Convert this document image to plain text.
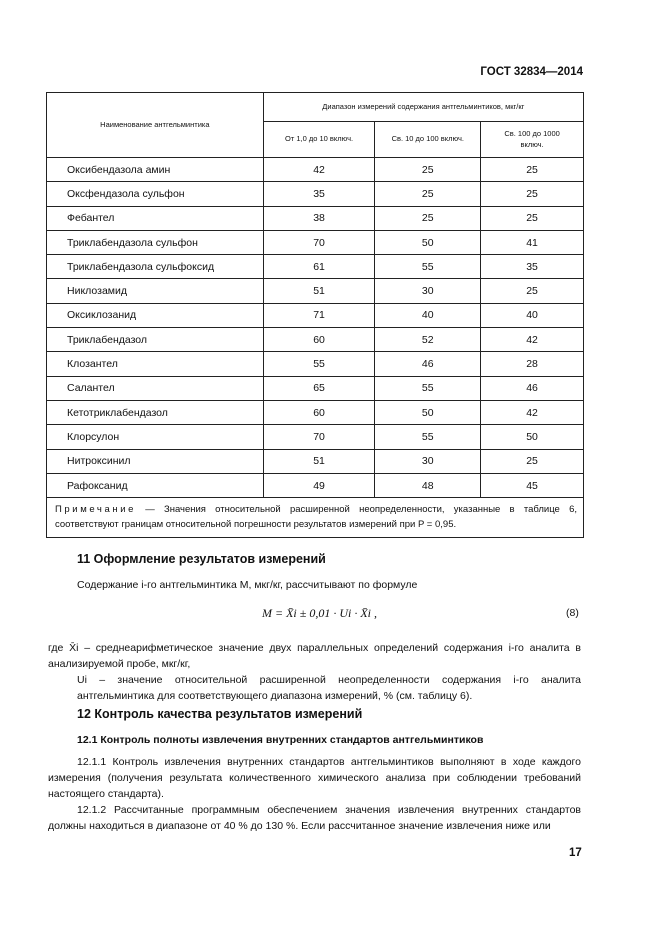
ГОСТ 32834—2014
Наименование антгельминтика	Диапазон измерений содержания антгельминтиков, мкг/кг		
	От 1,0 до 10 включ.	Св. 10 до 100 включ.	Св. 100 до 1000 включ.
Оксибендазола амин	42	25	25
Оксфендазола сульфон	35	25	25
Фебантел	38	25	25
Триклабендазола сульфон	70	50	41
Триклабендазола сульфоксид	61	55	35
Никлозамид	51	30	25
Оксиклозанид	71	40	40
Триклабендазол	60	52	42
Клозантел	55	46	28
Салантел	65	55	46
Кетотриклабендазол	60	50	42
Клорсулон	70	55	50
Нитроксинил	51	30	25
Рафоксанид	49	48	45
Примечание — Значения относительной расширенной неопределенности, указанные в таблице 6, соответствуют границам относительной погрешности результатов измерений при P = 0,95.			
11 Оформление результатов измерений
Содержание i-го антгельминтика M, мкг/кг, рассчитывают по формуле
M = X̄i ± 0,01 · Ui · X̄i ,	(8)
где X̄i – среднеарифметическое значение двух параллельных определений содержания i-го аналита в анализируемой пробе, мкг/кг,
Ui – значение относительной расширенной неопределенности содержания i-го аналита антгельминтика для соответствующего диапазона измерений, % (см. таблицу 6).
12 Контроль качества результатов измерений
12.1 Контроль полноты извлечения внутренних стандартов антгельминтиков
12.1.1 Контроль извлечения внутренних стандартов антгельминтиков выполняют в ходе каждого измерения (получения результата количественного химического анализа при соблюдении требований настоящего стандарта).
12.1.2 Рассчитанные программным обеспечением значения извлечения внутренних стандартов должны находиться в диапазоне от 40 % до 130 %. Если рассчитанное значение извлечения ниже или
17
